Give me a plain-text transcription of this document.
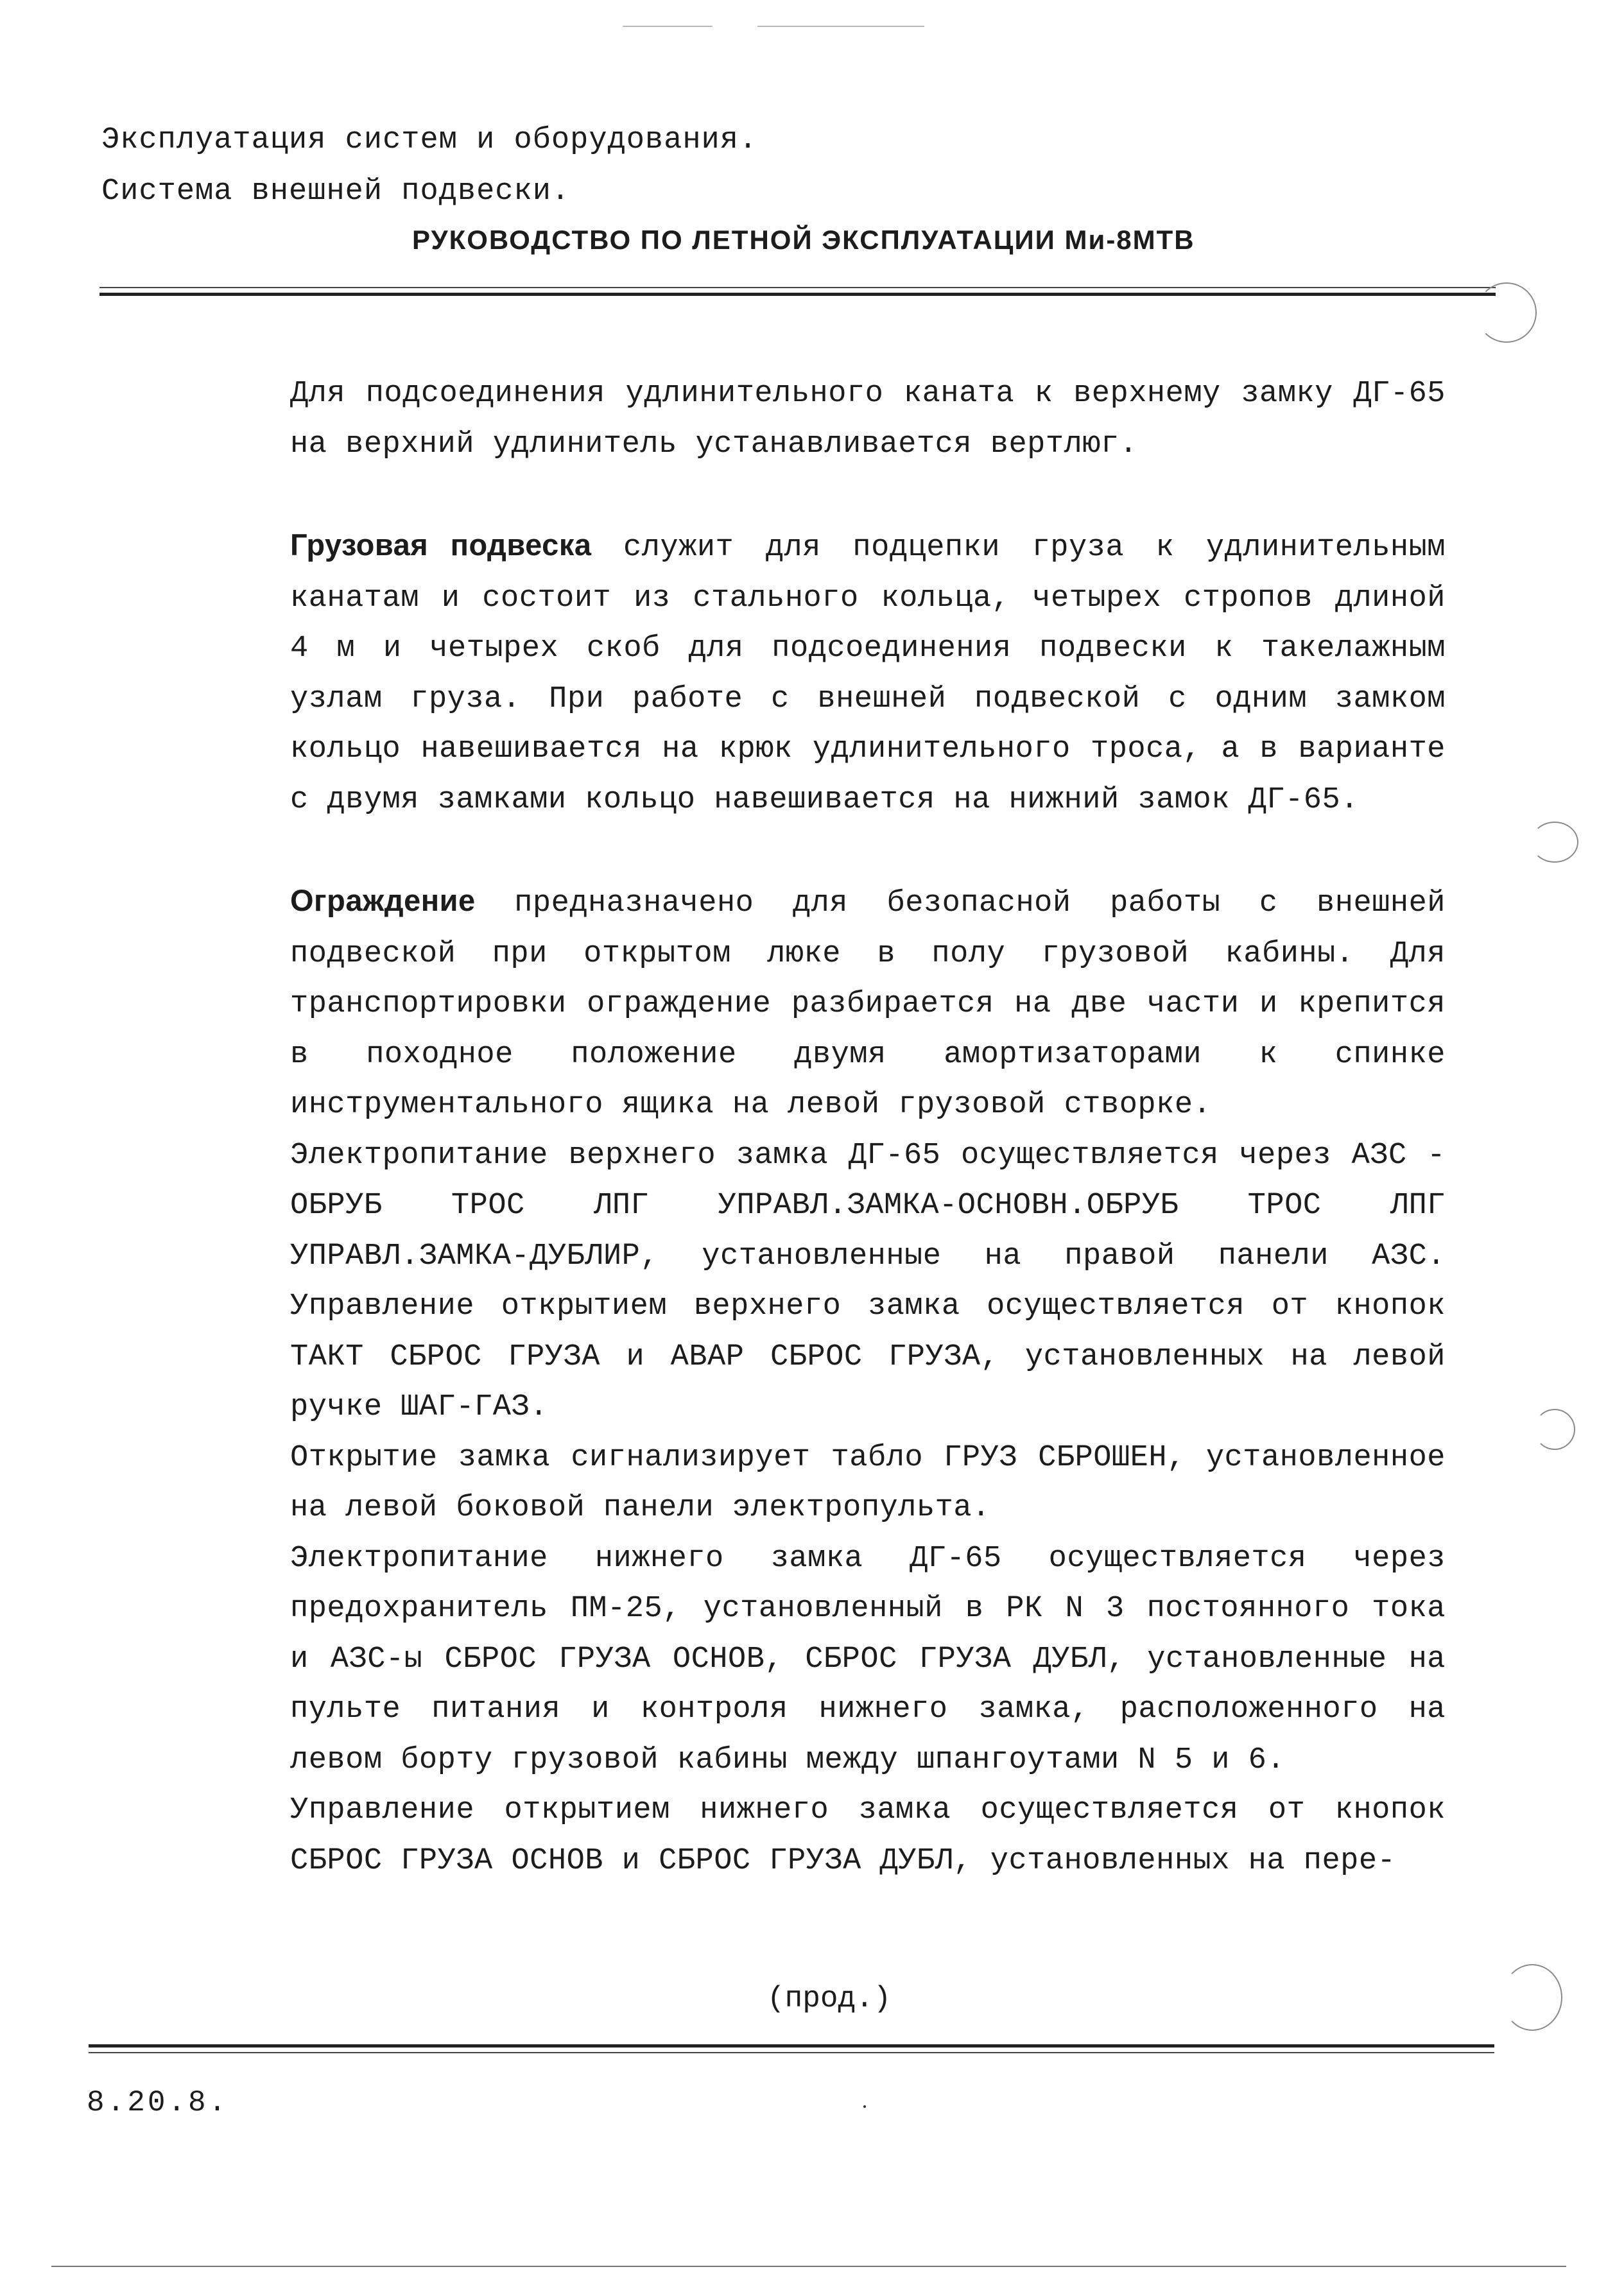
Эксплуатация систем и оборудования.
Система внешней подвески.
РУКОВОДСТВО ПО ЛЕТНОЙ ЭКСПЛУАТАЦИИ Ми-8МТВ

Для подсоединения удлинительного каната к верхнему замку ДГ-65 на верхний удлинитель устанавливается вертлюг.

Грузовая подвеска служит для подцепки груза к удлинительным канатам и состоит из стального кольца, четырех стропов длиной 4 м и четырех скоб для подсоединения подвески к такелажным узлам груза. При работе с внешней подвеской с одним замком кольцо навешивается на крюк удлинительного троса, а в варианте с двумя замками кольцо навешивается на нижний замок ДГ-65.

Ограждение предназначено для безопасной работы с внешней подвеской при открытом люке в полу грузовой кабины. Для транспортировки ограждение разбирается на две части и крепится в походное положение двумя амортизаторами к спинке инструментального ящика на левой грузовой створке.

Электропитание верхнего замка ДГ-65 осуществляется через АЗС - ОБРУБ ТРОС ЛПГ УПРАВЛ.ЗАМКА-ОСНОВН.ОБРУБ ТРОС ЛПГ УПРАВЛ.ЗАМКА-ДУБЛИР, установленные на правой панели АЗС. Управление открытием верхнего замка осуществляется от кнопок ТАКТ СБРОС ГРУЗА и АВАР СБРОС ГРУЗА, установленных на левой ручке ШАГ-ГАЗ.

Открытие замка сигнализирует табло ГРУЗ СБРОШЕН, установленное на левой боковой панели электропульта.

Электропитание нижнего замка ДГ-65 осуществляется через предохранитель ПМ-25, установленный в РК N 3 постоянного тока и АЗС-ы СБРОС ГРУЗА ОСНОВ, СБРОС ГРУЗА ДУБЛ, установленные на пульте питания и контроля нижнего замка, расположенного на левом борту грузовой кабины между шпангоутами N 5 и 6.

Управление открытием нижнего замка осуществляется от кнопок СБРОС ГРУЗА ОСНОВ и СБРОС ГРУЗА ДУБЛ, установленных на пере-

(прод.)
8.20.8.
